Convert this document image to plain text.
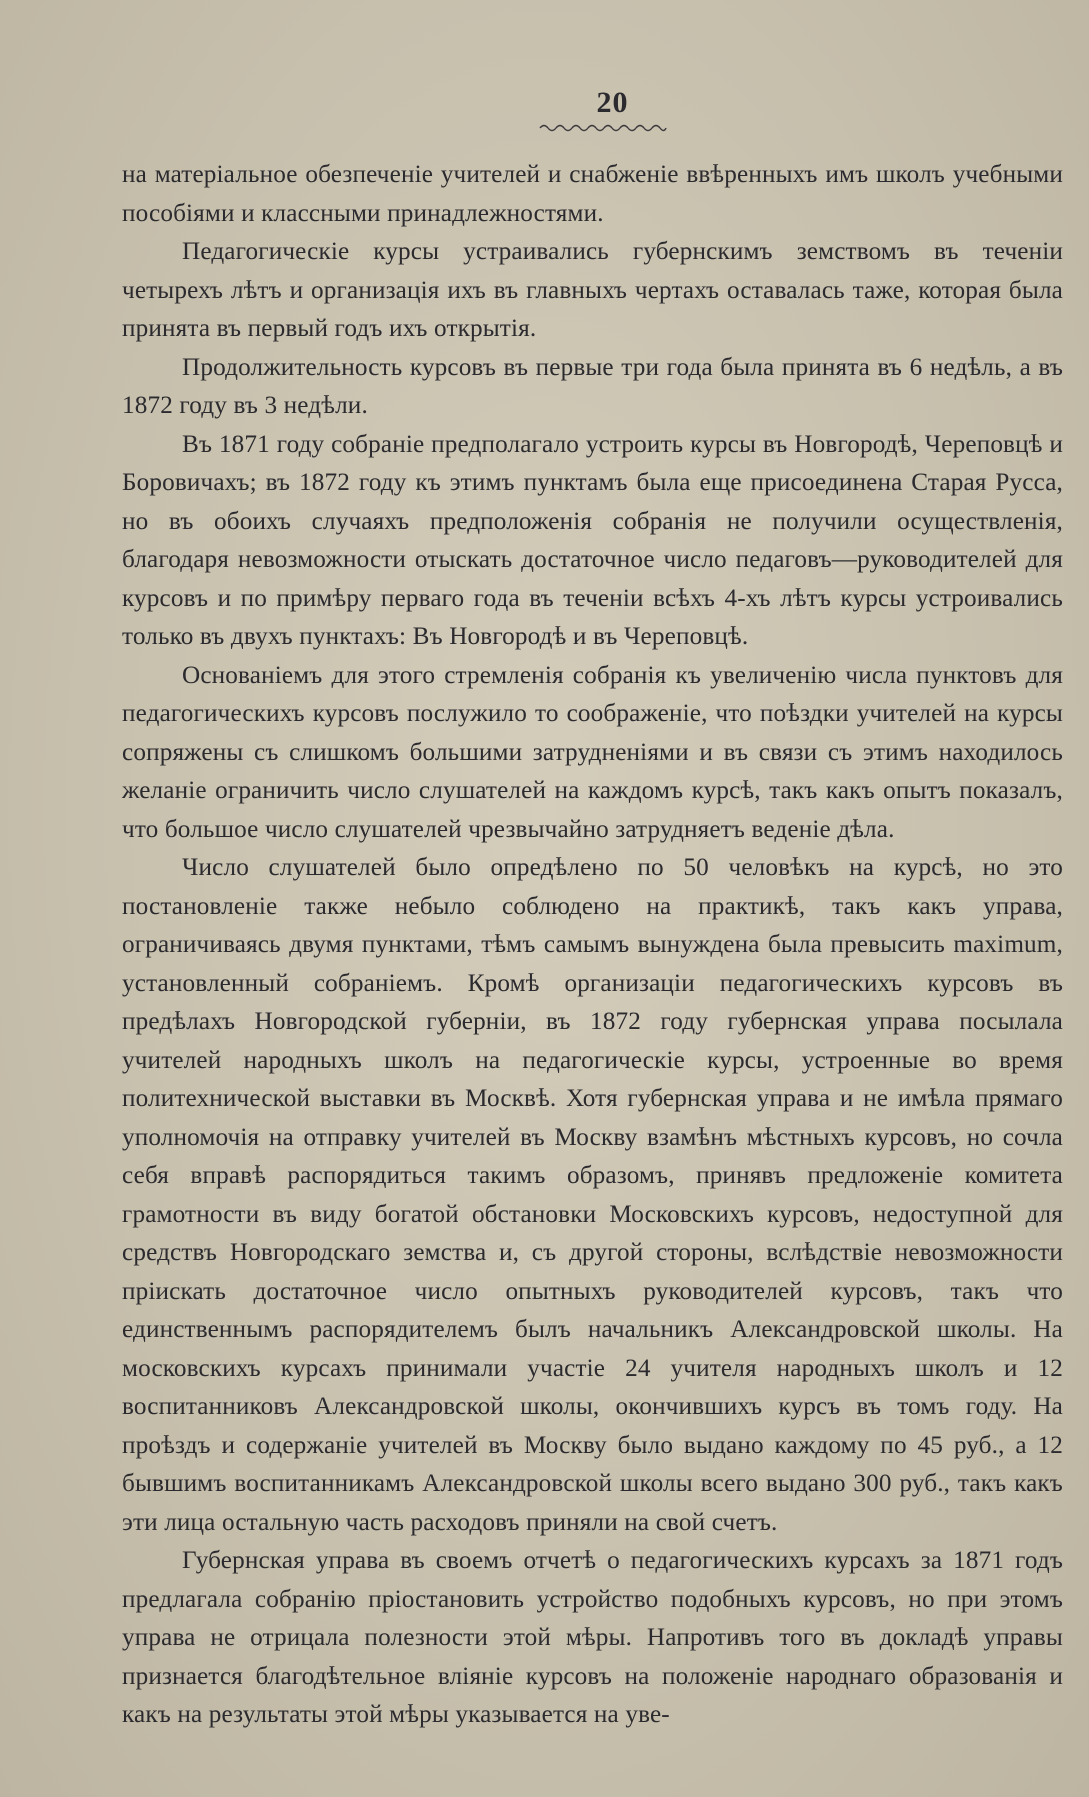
20

на матеріальное обезпеченіе учителей и снабженіе ввѣренныхъ имъ школъ учебными пособіями и классными принадлежностями.

Педагогическіе курсы устраивались губернскимъ земствомъ въ теченіи четырехъ лѣтъ и организація ихъ въ главныхъ чертахъ оставалась таже, которая была принята въ первый годъ ихъ открытія.

Продолжительность курсовъ въ первые три года была принята въ 6 недѣль, а въ 1872 году въ 3 недѣли.

Въ 1871 году собраніе предполагало устроить курсы въ Новгородѣ, Череповцѣ и Боровичахъ; въ 1872 году къ этимъ пунктамъ была еще присоединена Старая Русса, но въ обоихъ случаяхъ предположенія собранія не получили осуществленія, благодаря невозможности отыскать достаточное число педаговъ—руководителей для курсовъ и по примѣру перваго года въ теченіи всѣхъ 4-хъ лѣтъ курсы устроивались только въ двухъ пунктахъ: Въ Новгородѣ и въ Череповцѣ.

Основаніемъ для этого стремленія собранія къ увеличенію числа пунктовъ для педагогическихъ курсовъ послужило то соображеніе, что поѣздки учителей на курсы сопряжены съ слишкомъ большими затрудненіями и въ связи съ этимъ находилось желаніе ограничить число слушателей на каждомъ курсѣ, такъ какъ опытъ показалъ, что большое число слушателей чрезвычайно затрудняетъ веденіе дѣла.

Число слушателей было опредѣлено по 50 человѣкъ на курсѣ, но это постановленіе также небыло соблюдено на практикѣ, такъ какъ управа, ограничиваясь двумя пунктами, тѣмъ самымъ вынуждена была превысить maximum, установленный собраніемъ. Кромѣ организаціи педагогическихъ курсовъ въ предѣлахъ Новгородской губерніи, въ 1872 году губернская управа посылала учителей народныхъ школъ на педагогическіе курсы, устроенные во время политехнической выставки въ Москвѣ. Хотя губернская управа и не имѣла прямаго уполномочія на отправку учителей въ Москву взамѣнъ мѣстныхъ курсовъ, но сочла себя вправѣ распорядиться такимъ образомъ, принявъ предложеніе комитета грамотности въ виду богатой обстановки Московскихъ курсовъ, недоступной для средствъ Новгородскаго земства и, съ другой стороны, вслѣдствіе невозможности пріискать достаточное число опытныхъ руководителей курсовъ, такъ что единственнымъ распорядителемъ былъ начальникъ Александровской школы. На московскихъ курсахъ принимали участіе 24 учителя народныхъ школъ и 12 воспитанниковъ Александровской школы, окончившихъ курсъ въ томъ году. На проѣздъ и содержаніе учителей въ Москву было выдано каждому по 45 руб., а 12 бывшимъ воспитанникамъ Александровской школы всего выдано 300 руб., такъ какъ эти лица остальную часть расходовъ приняли на свой счетъ.

Губернская управа въ своемъ отчетѣ о педагогическихъ курсахъ за 1871 годъ предлагала собранію пріостановить устройство подобныхъ курсовъ, но при этомъ управа не отрицала полезности этой мѣры. Напротивъ того въ докладѣ управы признается благодѣтельное вліяніе курсовъ на положеніе народнаго образованія и какъ на результаты этой мѣры указывается на уве-
